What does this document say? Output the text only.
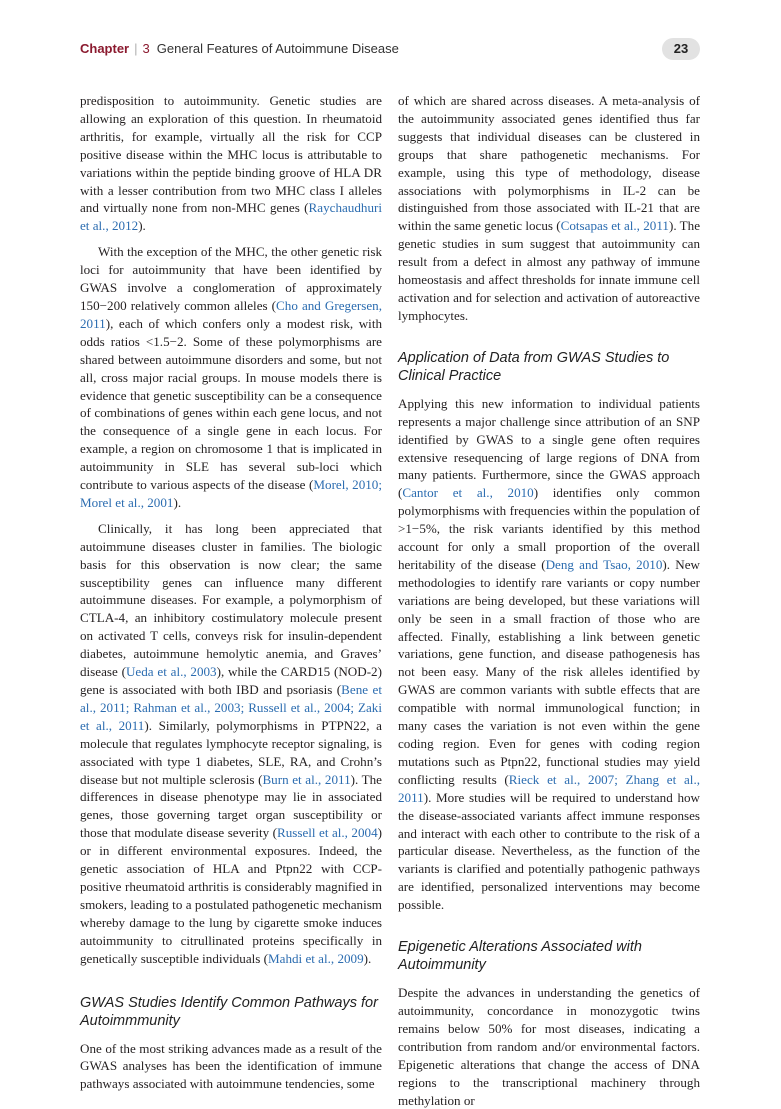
Chapter | 3 General Features of Autoimmune Disease	23

predisposition to autoimmunity. Genetic studies are allowing an exploration of this question. In rheumatoid arthritis, for example, virtually all the risk for CCP positive disease within the MHC locus is attributable to variations within the peptide binding groove of HLA DR with a lesser contribution from two MHC class I alleles and virtually none from non-MHC genes (Raychaudhuri et al., 2012).

With the exception of the MHC, the other genetic risk loci for autoimmunity that have been identified by GWAS involve a conglomeration of approximately 150−200 relatively common alleles (Cho and Gregersen, 2011), each of which confers only a modest risk, with odds ratios <1.5−2. Some of these polymorphisms are shared between autoimmune disorders and some, but not all, cross major racial groups. In mouse models there is evidence that genetic susceptibility can be a consequence of combinations of genes within each gene locus, and not the consequence of a single gene in each locus. For example, a region on chromosome 1 that is implicated in autoimmunity in SLE has several sub-loci which contribute to various aspects of the disease (Morel, 2010; Morel et al., 2001).

Clinically, it has long been appreciated that autoimmune diseases cluster in families. The biologic basis for this observation is now clear; the same susceptibility genes can influence many different autoimmune diseases. For example, a polymorphism of CTLA-4, an inhibitory costimulatory molecule present on activated T cells, conveys risk for insulin-dependent diabetes, autoimmune hemolytic anemia, and Graves’ disease (Ueda et al., 2003), while the CARD15 (NOD-2) gene is associated with both IBD and psoriasis (Bene et al., 2011; Rahman et al., 2003; Russell et al., 2004; Zaki et al., 2011). Similarly, polymorphisms in PTPN22, a molecule that regulates lymphocyte receptor signaling, is associated with type 1 diabetes, SLE, RA, and Crohn’s disease but not multiple sclerosis (Burn et al., 2011). The differences in disease phenotype may lie in associated genes, those governing target organ susceptibility or those that modulate disease severity (Russell et al., 2004) or in different environmental exposures. Indeed, the genetic association of HLA and Ptpn22 with CCP-positive rheumatoid arthritis is considerably magnified in smokers, leading to a postulated pathogenetic mechanism whereby damage to the lung by cigarette smoke induces autoimmunity to citrullinated proteins specifically in genetically susceptible individuals (Mahdi et al., 2009).

GWAS Studies Identify Common Pathways for Autoimmmunity

One of the most striking advances made as a result of the GWAS analyses has been the identification of immune pathways associated with autoimmune tendencies, some

of which are shared across diseases. A meta-analysis of the autoimmunity associated genes identified thus far suggests that individual diseases can be clustered in groups that share pathogenetic mechanisms. For example, using this type of methodology, disease associations with polymorphisms in IL-2 can be distinguished from those associated with IL-21 that are within the same genetic locus (Cotsapas et al., 2011). The genetic studies in sum suggest that autoimmunity can result from a defect in almost any pathway of immune homeostasis and affect thresholds for innate immune cell activation and for selection and activation of autoreactive lymphocytes.

Application of Data from GWAS Studies to Clinical Practice

Applying this new information to individual patients represents a major challenge since attribution of an SNP identified by GWAS to a single gene often requires extensive resequencing of large regions of DNA from many patients. Furthermore, since the GWAS approach (Cantor et al., 2010) identifies only common polymorphisms with frequencies within the population of >1−5%, the risk variants identified by this method account for only a small proportion of the overall heritability of the disease (Deng and Tsao, 2010). New methodologies to identify rare variants or copy number variations are being developed, but these variations will only be seen in a small fraction of those who are affected. Finally, establishing a link between genetic variations, gene function, and disease pathogenesis has not been easy. Many of the risk alleles identified by GWAS are common variants with subtle effects that are compatible with normal immunological function; in many cases the variation is not even within the gene coding region. Even for genes with coding region mutations such as Ptpn22, functional studies may yield conflicting results (Rieck et al., 2007; Zhang et al., 2011). More studies will be required to understand how the disease-associated variants affect immune responses and interact with each other to contribute to the risk of a particular disease. Nevertheless, as the function of the variants is clarified and potentially pathogenic pathways are identified, personalized interventions may become possible.

Epigenetic Alterations Associated with Autoimmunity

Despite the advances in understanding the genetics of autoimmunity, concordance in monozygotic twins remains below 50% for most diseases, indicating a contribution from random and/or environmental factors. Epigenetic alterations that change the access of DNA regions to the transcriptional machinery through methylation or
